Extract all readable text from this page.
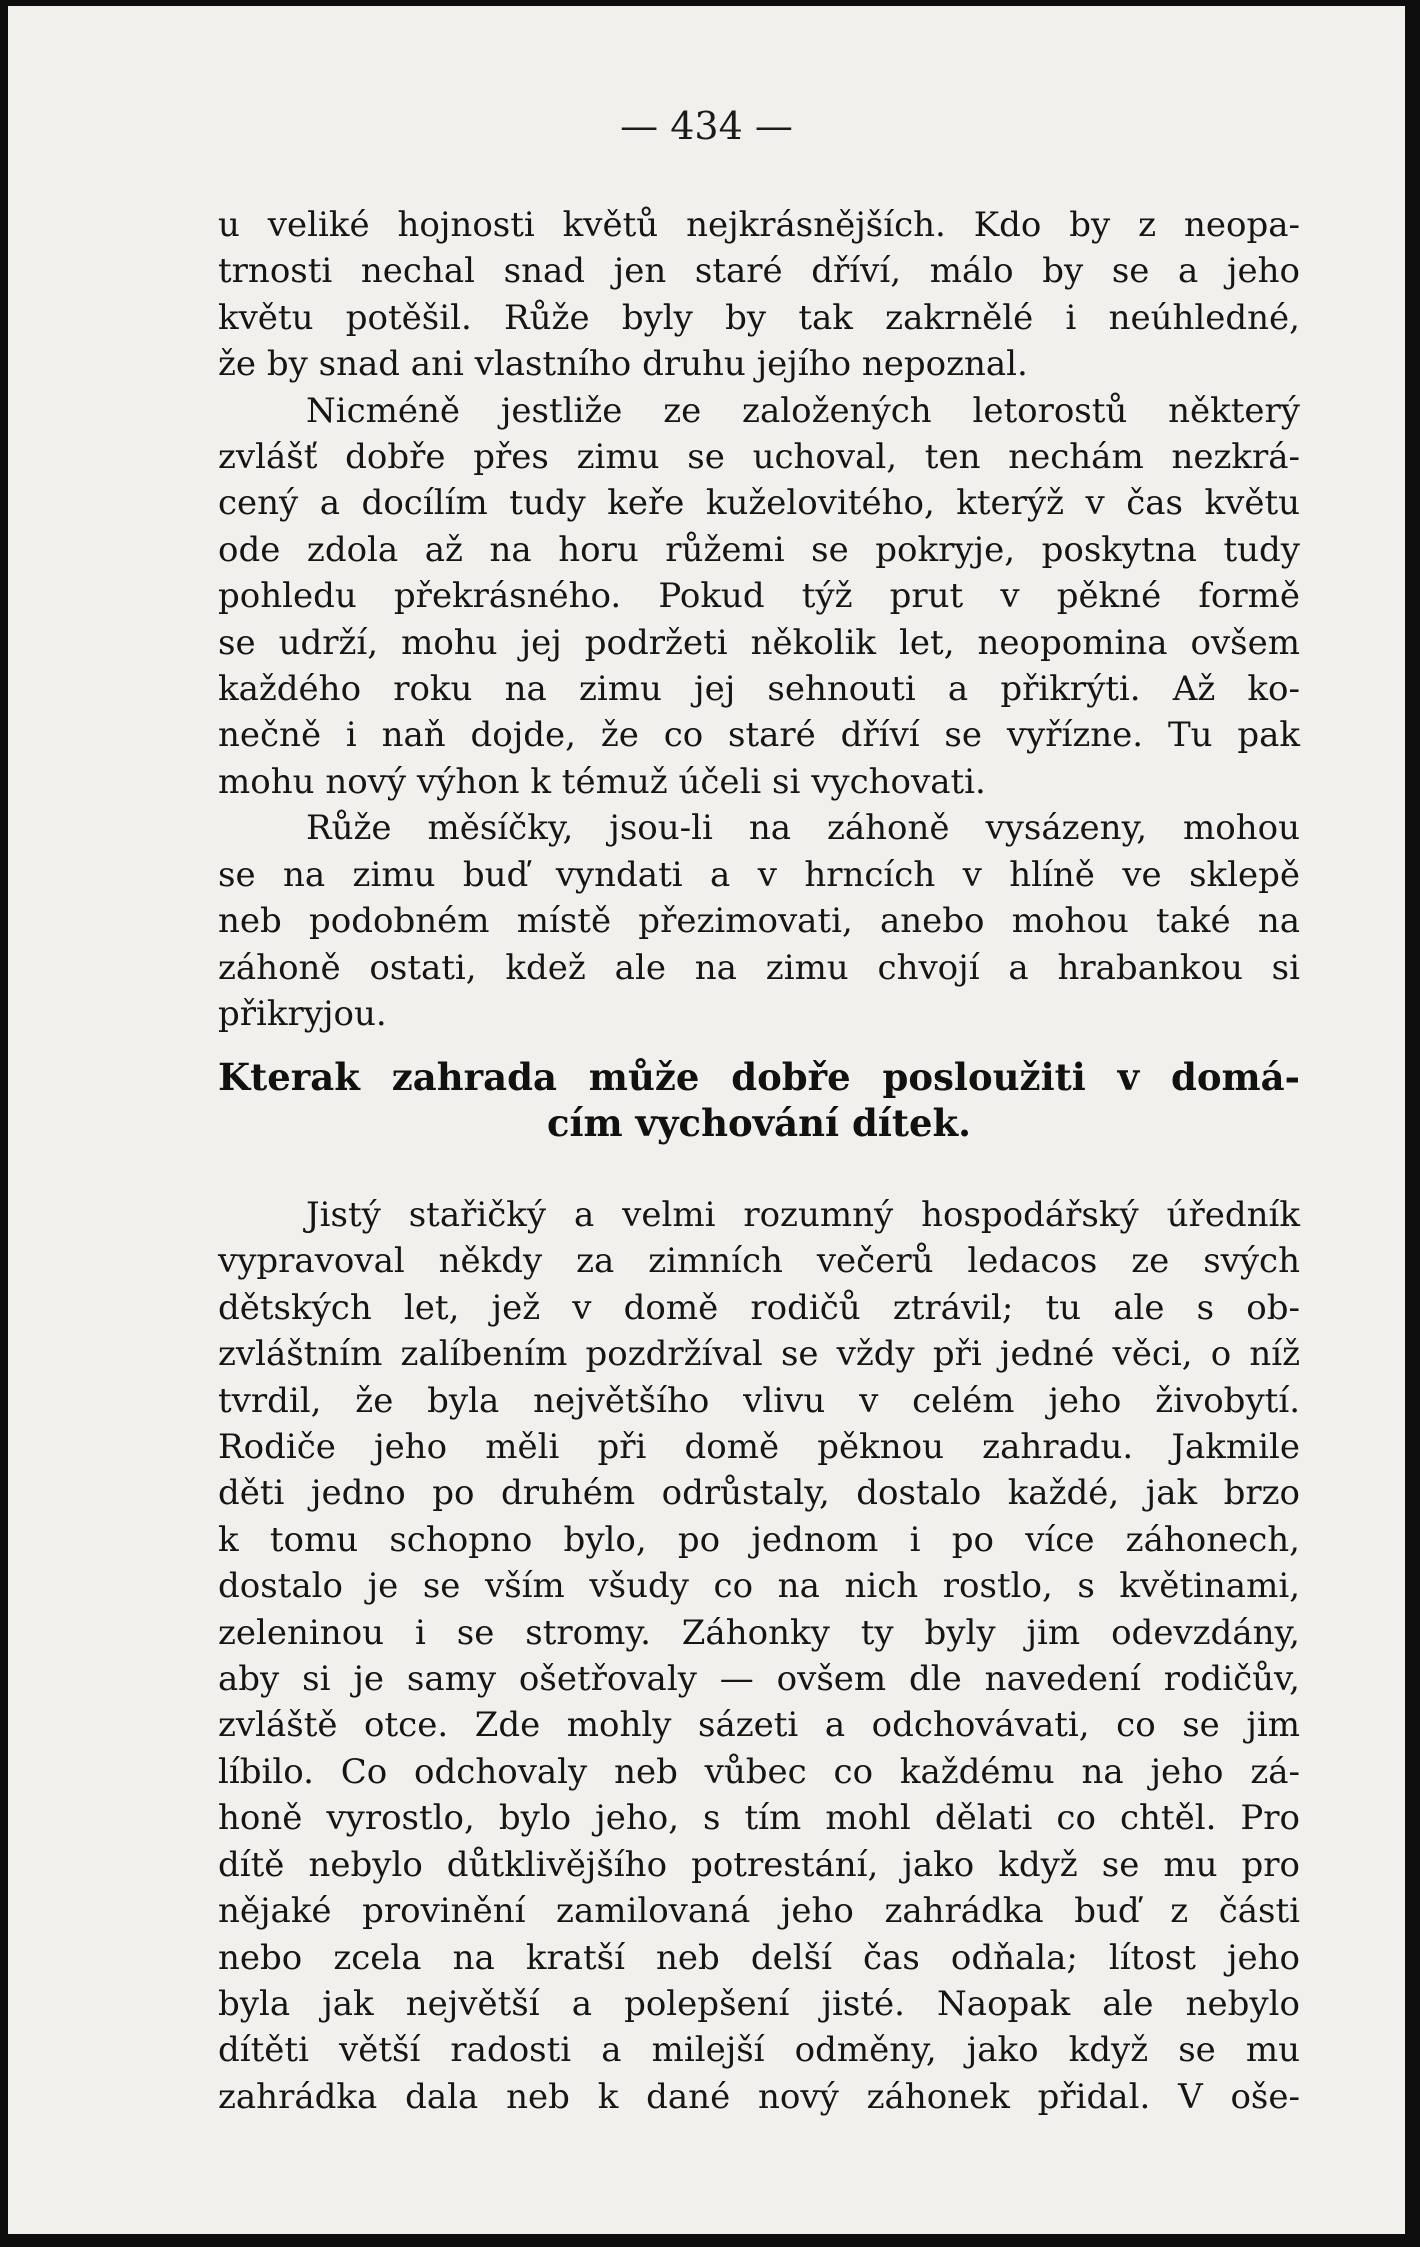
— 434 —
u veliké hojnosti květů nejkrásnějších. Kdo by z neopa-
trnosti nechal snad jen staré dříví, málo by se a jeho
květu potěšil. Růže byly by tak zakrnělé i neúhledné,
že by snad ani vlastního druhu jejího nepoznal.
Nicméně jestliže ze založených letorostů některý
zvlášť dobře přes zimu se uchoval, ten nechám nezkrá-
cený a docílím tudy keře kuželovitého, kterýž v čas květu
ode zdola až na horu růžemi se pokryje, poskytna tudy
pohledu překrásného. Pokud týž prut v pěkné formě
se udrží, mohu jej podržeti několik let, neopomina ovšem
každého roku na zimu jej sehnouti a přikrýti. Až ko-
nečně i naň dojde, že co staré dříví se vyřízne. Tu pak
mohu nový výhon k témuž účeli si vychovati.
Růže měsíčky, jsou-li na záhoně vysázeny, mohou
se na zimu buď vyndati a v hrncích v hlíně ve sklepě
neb podobném místě přezimovati, anebo mohou také na
záhoně ostati, kdež ale na zimu chvojí a hrabankou si
přikryjou.
Kterak zahrada může dobře posloužiti v domá-
cím vychování dítek.
Jistý stařičký a velmi rozumný hospodářský úředník
vypravoval někdy za zimních večerů ledacos ze svých
dětských let, jež v domě rodičů ztrávil; tu ale s ob-
zvláštním zalíbením pozdržíval se vždy při jedné věci, o níž
tvrdil, že byla největšího vlivu v celém jeho živobytí.
Rodiče jeho měli při domě pěknou zahradu. Jakmile
děti jedno po druhém odrůstaly, dostalo každé, jak brzo
k tomu schopno bylo, po jednom i po více záhonech,
dostalo je se vším všudy co na nich rostlo, s květinami,
zeleninou i se stromy. Záhonky ty byly jim odevzdány,
aby si je samy ošetřovaly — ovšem dle navedení rodičův,
zvláště otce. Zde mohly sázeti a odchovávati, co se jim
líbilo. Co odchovaly neb vůbec co každému na jeho zá-
honě vyrostlo, bylo jeho, s tím mohl dělati co chtěl. Pro
dítě nebylo důtklivějšího potrestání, jako když se mu pro
nějaké provinění zamilovaná jeho zahrádka buď z části
nebo zcela na kratší neb delší čas odňala; lítost jeho
byla jak největší a polepšení jisté. Naopak ale nebylo
dítěti větší radosti a milejší odměny, jako když se mu
zahrádka dala neb k dané nový záhonek přidal. V oše-
